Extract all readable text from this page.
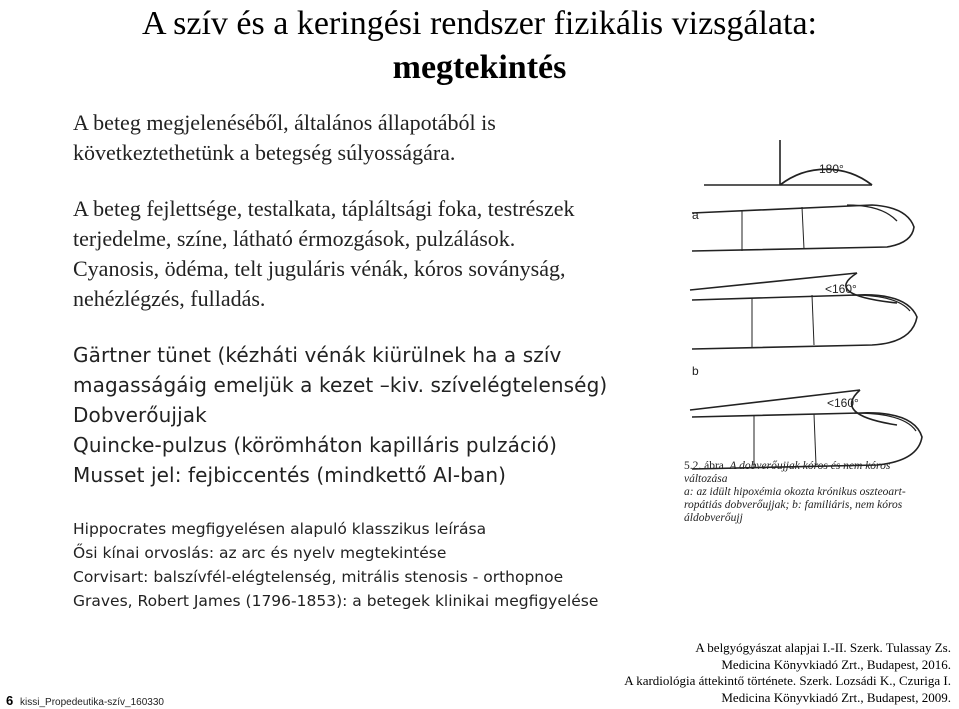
A szív és a keringési rendszer fizikális vizsgálata:
megtekintés
A beteg megjelenéséből, általános állapotából is
következtethetünk a betegség súlyosságára.
A beteg fejlettsége, testalkata, tápláltsági foka, testrészek
terjedelme, színe, látható érmozgások, pulzálások.
Cyanosis, ödéma, telt juguláris vénák, kóros soványság,
nehézlégzés, fulladás.
Gärtner tünet (kézháti vénák kiürülnek ha a szív
magasságáig emeljük a kezet –kiv. szívelégtelenség)
Dobverőujjak
Quincke-pulzus (körömháton kapilláris pulzáció)
Musset jel: fejbiccentés (mindkettő AI-ban)
Hippocrates megfigyelésen alapuló klasszikus leírása
Ősi kínai orvoslás: az arc és nyelv megtekintése
Corvisart: balszívfél-elégtelenség, mitrális stenosis - orthopnoe
Graves, Robert James (1796-1853): a betegek klinikai megfigyelése
a
b
180°
<160°
<160°
5.2. ábra. A dobverőujjak kóros és nem kóros
változása
a: az idült hipoxémia okozta krónikus oszteoart-
ropátiás dobverőujjak; b: familiáris, nem kóros
áldobverőujj
A belgyógyászat alapjai I.-II. Szerk. Tulassay Zs.
Medicina Könyvkiadó Zrt., Budapest, 2016.
A kardiológia áttekintő története. Szerk. Lozsádi K., Czuriga I.
Medicina Könyvkiadó Zrt., Budapest, 2009.
6 kissi_Propedeutika-szív_160330
